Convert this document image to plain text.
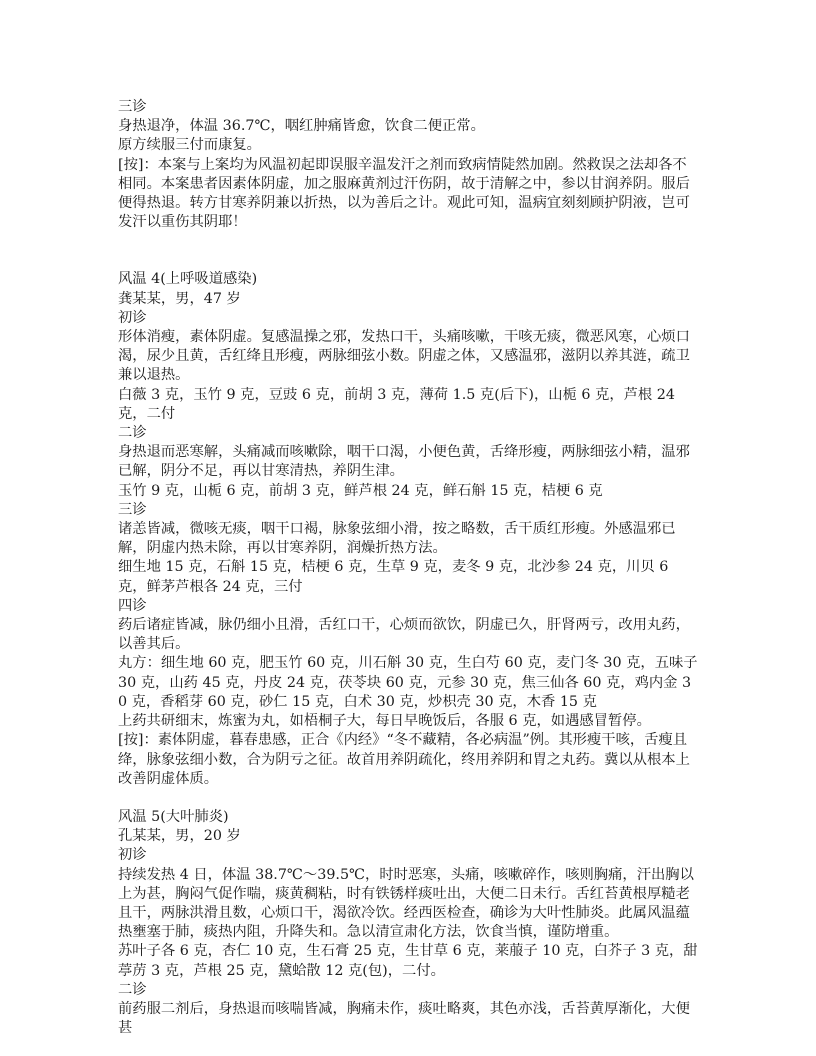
三诊
身热退净，体温 36.7℃，咽红肿痛皆愈，饮食二便正常。
原方续服三付而康复。
[按]：本案与上案均为风温初起即误服辛温发汗之剂而致病情陡然加剧。然救误之法却各不相同。本案患者因素体阴虚，加之服麻黄剂过汗伤阴，故于清解之中，参以甘润养阴。服后便得热退。转方甘寒养阴兼以折热，以为善后之计。观此可知，温病宜刻刻顾护阴液，岂可发汗以重伤其阴耶！
风温 4(上呼吸道感染)
龚某某，男，47 岁
初诊
形体消瘦，素体阴虚。复感温操之邪，发热口干，头痛咳嗽，干咳无痰，微恶风寒，心烦口渴，尿少且黄，舌红绛且形瘦，两脉细弦小数。阴虚之体，又感温邪，滋阴以养其涟，疏卫兼以退热。
白薇 3 克，玉竹 9 克，豆豉 6 克，前胡 3 克，薄荷 1.5 克(后下)，山栀 6 克，芦根 24 克，二付
二诊
身热退而恶寒解，头痛减而咳嗽除，咽干口渴，小便色黄，舌绛形瘦，两脉细弦小精，温邪已解，阴分不足，再以甘寒清热，养阴生津。
玉竹 9 克，山栀 6 克，前胡 3 克，鲜芦根 24 克，鲜石斛 15 克，桔梗 6 克
三诊
诸恙皆减，微咳无痰，咽干口褐，脉象弦细小滑，按之略数，舌干质红形瘦。外感温邪已解，阴虚内热未除，再以甘寒养阴，润燥折热方法。
细生地 15 克，石斛 15 克，桔梗 6 克，生草 9 克，麦冬 9 克，北沙参 24 克，川贝 6 克，鲜茅芦根各 24 克，三付
四诊
药后诸症皆减，脉仍细小且滑，舌红口干，心烦而欲饮，阴虚已久，肝肾两亏，改用丸药，以善其后。
丸方：细生地 60 克，肥玉竹 60 克，川石斛 30 克，生白芍 60 克，麦门冬 30 克，五味子 30 克，山药 45 克，丹皮 24 克，茯苓块 60 克，元参 30 克，焦三仙各 60 克，鸡内金 30 克，香稻芽 60 克，砂仁 15 克，白术 30 克，炒枳壳 30 克，木香 15 克
上药共研细末，炼蜜为丸，如梧桐子大，每日早晚饭后，各服 6 克，如遇感冒暂停。
[按]：素体阴虚，暮春患感，正合《内经》“冬不藏精，各必病温”例。其形瘦干咳，舌瘦且绛，脉象弦细小数，合为阴亏之征。故首用养阴疏化，终用养阴和胃之丸药。冀以从根本上改善阴虚体质。
风温 5(大叶肺炎)
孔某某，男，20 岁
初诊
持续发热 4 日，体温 38.7℃～39.5℃，时时恶寒，头痛，咳嗽碎作，咳则胸痛，汗出胸以上为甚，胸闷气促作喘，痰黄稠粘，时有铁锈样痰吐出，大便二日未行。舌红苔黄根厚糙老且干，两脉洪滑且数，心烦口干，渴欲冷饮。经西医检查，确诊为大叶性肺炎。此属风温蕴热壅塞于肺，痰热内阻，升降失和。急以清宣肃化方法，饮食当慎，谨防增重。
苏叶子各 6 克，杏仁 10 克，生石膏 25 克，生甘草 6 克，莱菔子 10 克，白芥子 3 克，甜葶苈 3 克，芦根 25 克，黛蛤散 12 克(包)，二付。
二诊
前药服二剂后，身热退而咳喘皆减，胸痛未作，痰吐略爽，其色亦浅，舌苔黄厚渐化，大便甚
